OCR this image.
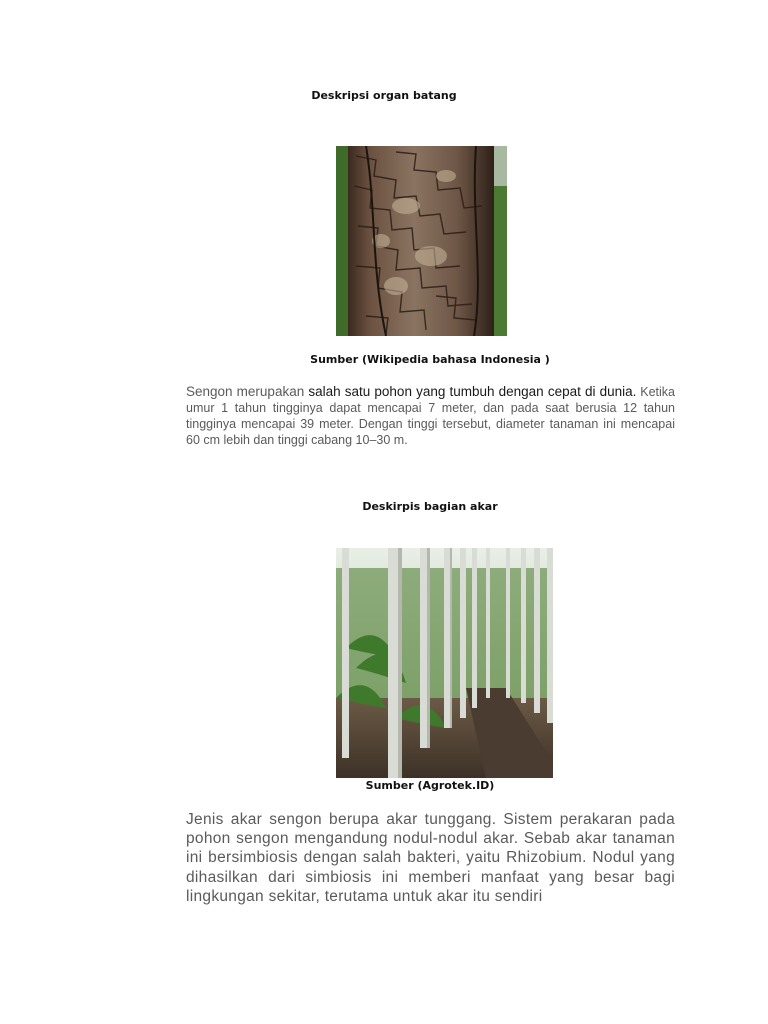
Deskripsi organ batang
Sumber (Wikipedia bahasa Indonesia )
Sengon merupakan salah satu pohon yang tumbuh dengan cepat di dunia. Ketika umur 1 tahun tingginya dapat mencapai 7 meter, dan pada saat berusia 12 tahun tingginya mencapai 39 meter. Dengan tinggi tersebut, diameter tanaman ini mencapai 60 cm lebih dan tinggi cabang 10–30 m.
Deskirpis bagian akar
Sumber (Agrotek.ID)
Jenis akar sengon berupa akar tunggang. Sistem perakaran pada pohon sengon mengandung nodul-nodul akar. Sebab akar tanaman ini bersimbiosis dengan salah bakteri, yaitu Rhizobium. Nodul yang dihasilkan dari simbiosis ini memberi manfaat yang besar bagi lingkungan sekitar, terutama untuk akar itu sendiri
